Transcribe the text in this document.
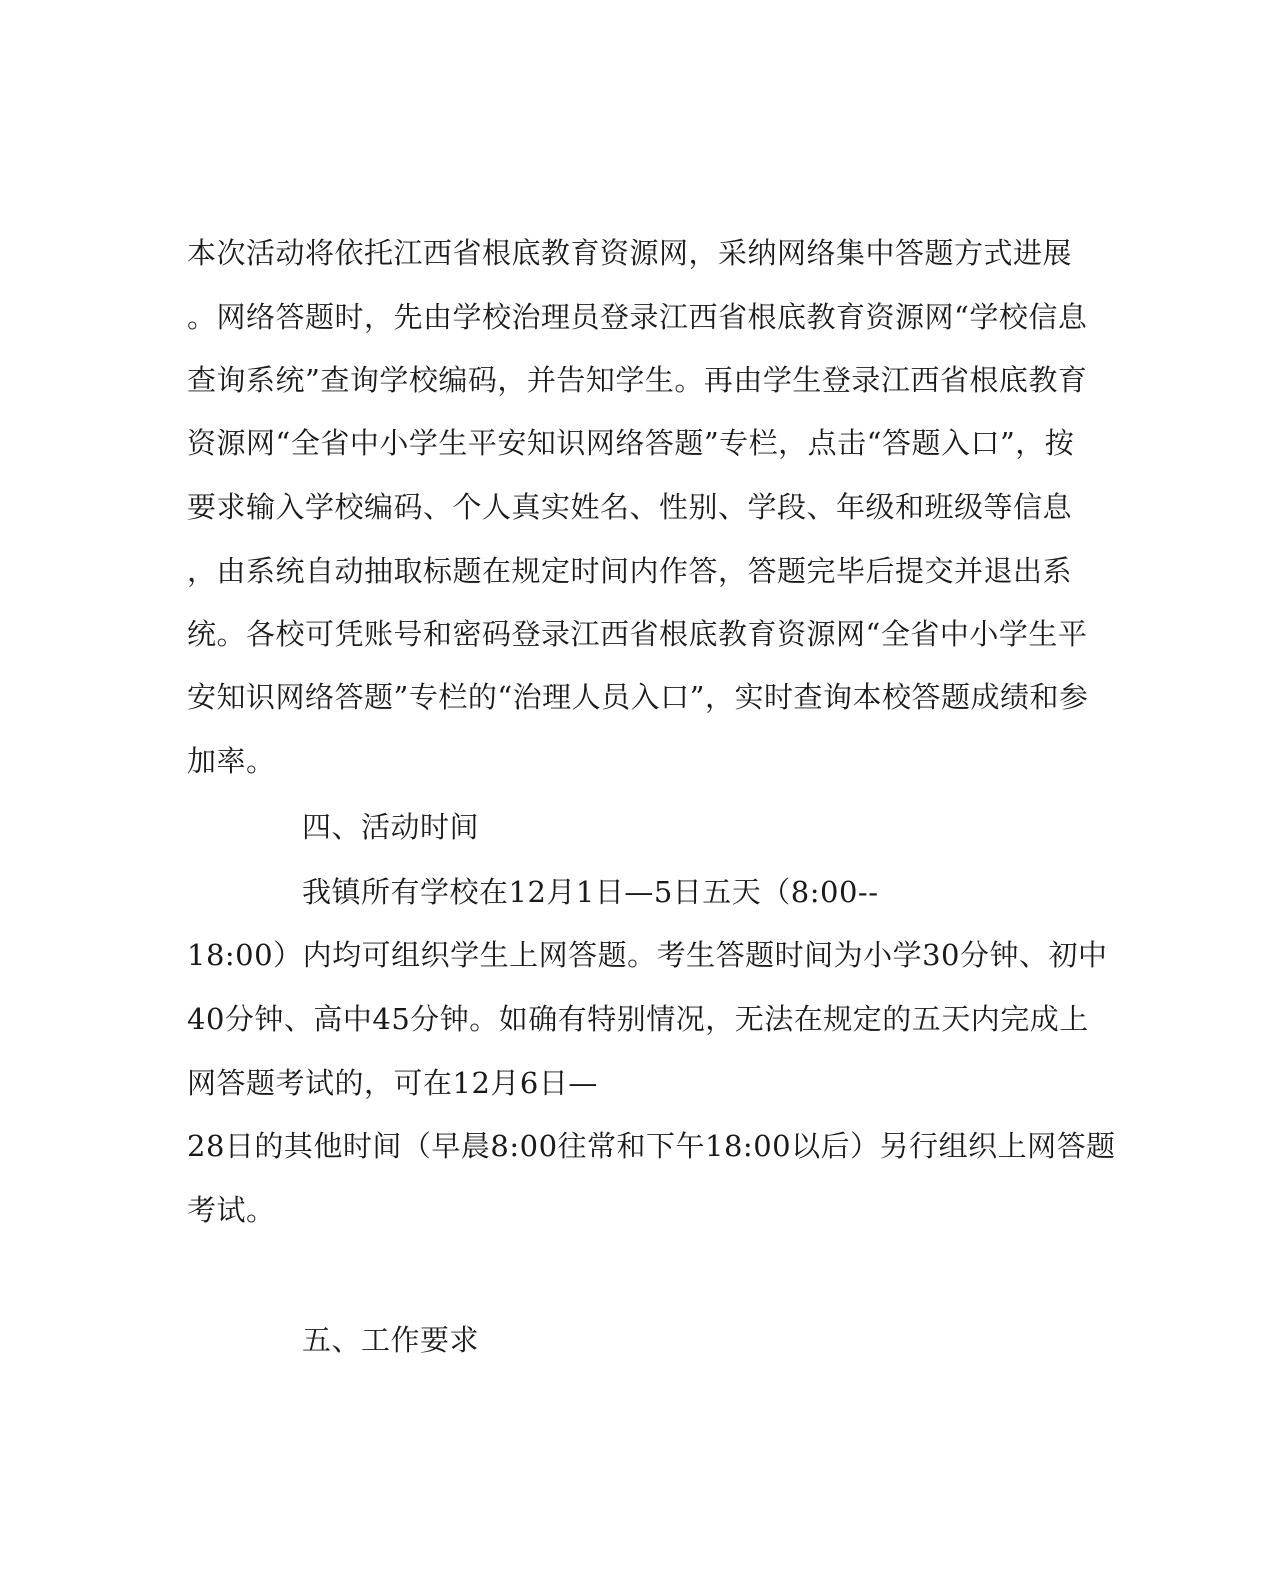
本次活动将依托江西省根底教育资源网，采纳网络集中答题方式进展
。网络答题时，先由学校治理员登录江西省根底教育资源网“学校信息
查询系统”查询学校编码，并告知学生。再由学生登录江西省根底教育
资源网“全省中小学生平安知识网络答题”专栏，点击“答题入口”，按
要求输入学校编码、个人真实姓名、性别、学段、年级和班级等信息
，由系统自动抽取标题在规定时间内作答，答题完毕后提交并退出系
统。各校可凭账号和密码登录江西省根底教育资源网“全省中小学生平
安知识网络答题”专栏的“治理人员入口”，实时查询本校答题成绩和参
加率。
四、活动时间
我镇所有学校在12月1日—5日五天（8:00--
18:00）内均可组织学生上网答题。考生答题时间为小学30分钟、初中
40分钟、高中45分钟。如确有特别情况，无法在规定的五天内完成上
网答题考试的，可在12月6日—
28日的其他时间（早晨8:00往常和下午18:00以后）另行组织上网答题
考试。
五、工作要求
